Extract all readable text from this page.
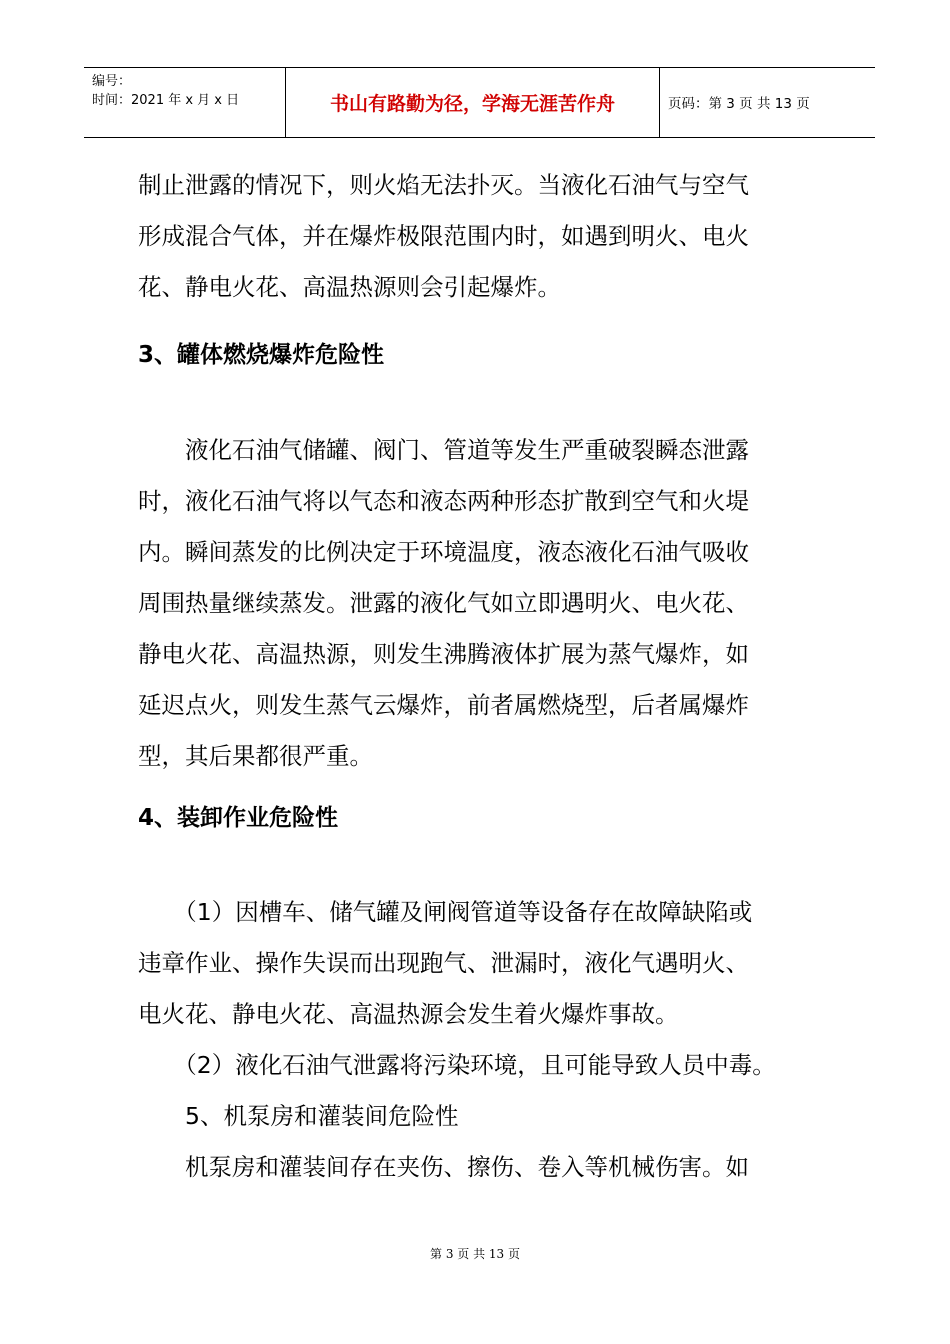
编号：
时间：2021 年 x 月 x 日	书山有路勤为径，学海无涯苦作舟	页码：第 3 页 共 13 页
制止泄露的情况下，则火焰无法扑灭。当液化石油气与空气
形成混合气体，并在爆炸极限范围内时，如遇到明火、电火
花、静电火花、高温热源则会引起爆炸。
3、罐体燃烧爆炸危险性
　　液化石油气储罐、阀门、管道等发生严重破裂瞬态泄露
时，液化石油气将以气态和液态两种形态扩散到空气和火堤
内。瞬间蒸发的比例决定于环境温度，液态液化石油气吸收
周围热量继续蒸发。泄露的液化气如立即遇明火、电火花、
静电火花、高温热源，则发生沸腾液体扩展为蒸气爆炸，如
延迟点火，则发生蒸气云爆炸，前者属燃烧型，后者属爆炸
型，其后果都很严重。
4、装卸作业危险性
　　（1）因槽车、储气罐及闸阀管道等设备存在故障缺陷或
违章作业、操作失误而出现跑气、泄漏时，液化气遇明火、
电火花、静电火花、高温热源会发生着火爆炸事故。
　　（2）液化石油气泄露将污染环境，且可能导致人员中毒。
　　5、机泵房和灌装间危险性
　　机泵房和灌装间存在夹伤、擦伤、卷入等机械伤害。如
第 3 页 共 13 页
